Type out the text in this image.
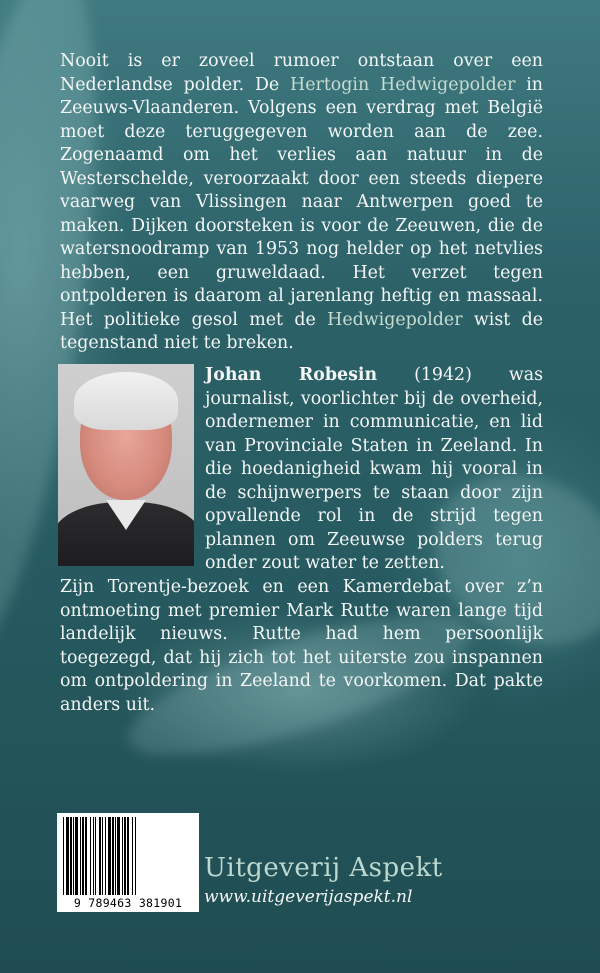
Nooit is er zoveel rumoer ontstaan over een Nederlandse polder. De Hertogin Hedwigepolder in Zeeuws-Vlaanderen. Volgens een verdrag met België moet deze teruggegeven worden aan de zee. Zogenaamd om het verlies aan natuur in de Westerschelde, veroorzaakt door een steeds diepere vaarweg van Vlissingen naar Antwerpen goed te maken. Dijken doorsteken is voor de Zeeuwen, die de watersnoodramp van 1953 nog helder op het netvlies hebben, een gruweldaad. Het verzet tegen ontpolderen is daarom al jarenlang heftig en massaal. Het politieke gesol met de Hedwigepolder wist de tegenstand niet te breken.

Johan Robesin (1942) was journalist, voorlichter bij de overheid, ondernemer in communicatie, en lid van Provinciale Staten in Zeeland. In die hoedanigheid kwam hij vooral in de schijnwerpers te staan door zijn opvallende rol in de strijd tegen plannen om Zeeuwse polders terug onder zout water te zetten.

Zijn Torentje-bezoek en een Kamerdebat over z’n ontmoeting met premier Mark Rutte waren lange tijd landelijk nieuws. Rutte had hem persoonlijk toegezegd, dat hij zich tot het uiterste zou inspannen om ontpoldering in Zeeland te voorkomen. Dat pakte anders uit.

9 789463 381901
Uitgeverij Aspekt
www.uitgeverijaspekt.nl
